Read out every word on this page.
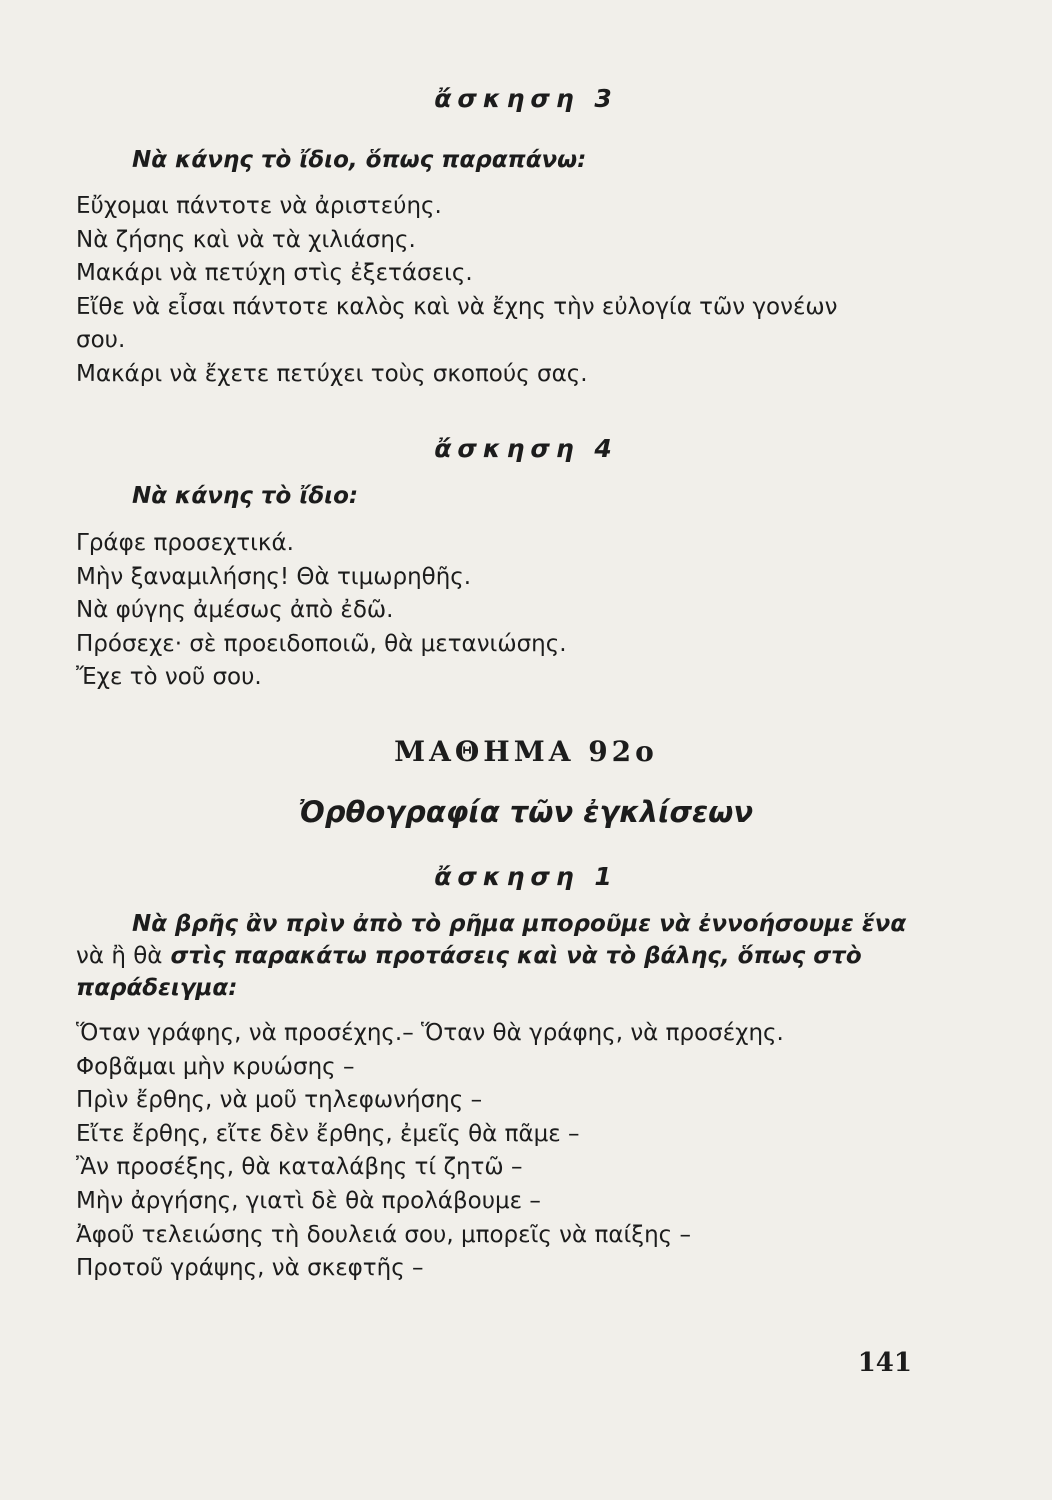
ἄσκηση 3
Νὰ κάνης τὸ ἴδιο, ὅπως παραπάνω:
Εὔχομαι πάντοτε νὰ ἀριστεύης.
Νὰ ζήσης καὶ νὰ τὰ χιλιάσης.
Μακάρι νὰ πετύχη στὶς ἐξετάσεις.
Εἴθε νὰ εἶσαι πάντοτε καλὸς καὶ νὰ ἔχης τὴν εὐλογία τῶν γονέων
σου.
Μακάρι νὰ ἔχετε πετύχει τοὺς σκοπούς σας.
ἄσκηση 4
Νὰ κάνης τὸ ἴδιο:
Γράφε προσεχτικά.
Μὴν ξαναμιλήσης! Θὰ τιμωρηθῆς.
Νὰ φύγης ἀμέσως ἀπὸ ἐδῶ.
Πρόσεχε· σὲ προειδοποιῶ, θὰ μετανιώσης.
Ἔχε τὸ νοῦ σου.
ΜΑΘΗΜΑ 92ο
Ὀρθογραφία τῶν ἐγκλίσεων
ἄσκηση 1
Νὰ βρῆς ἂν πρὶν ἀπὸ τὸ ρῆμα μποροῦμε νὰ ἐννοήσουμε ἕνα
νὰ ἢ θὰ στὶς παρακάτω προτάσεις καὶ νὰ τὸ βάλης, ὅπως στὸ
παράδειγμα:
Ὅταν γράφης, νὰ προσέχης.– Ὅταν θὰ γράφης, νὰ προσέχης.
Φοβᾶμαι μὴν κρυώσης –
Πρὶν ἔρθης, νὰ μοῦ τηλεφωνήσης –
Εἴτε ἔρθης, εἴτε δὲν ἔρθης, ἐμεῖς θὰ πᾶμε –
Ἂν προσέξης, θὰ καταλάβης τί ζητῶ –
Μὴν ἀργήσης, γιατὶ δὲ θὰ προλάβουμε –
Ἀφοῦ τελειώσης τὴ δουλειά σου, μπορεῖς νὰ παίξης –
Προτοῦ γράψης, νὰ σκεφτῆς –
141
